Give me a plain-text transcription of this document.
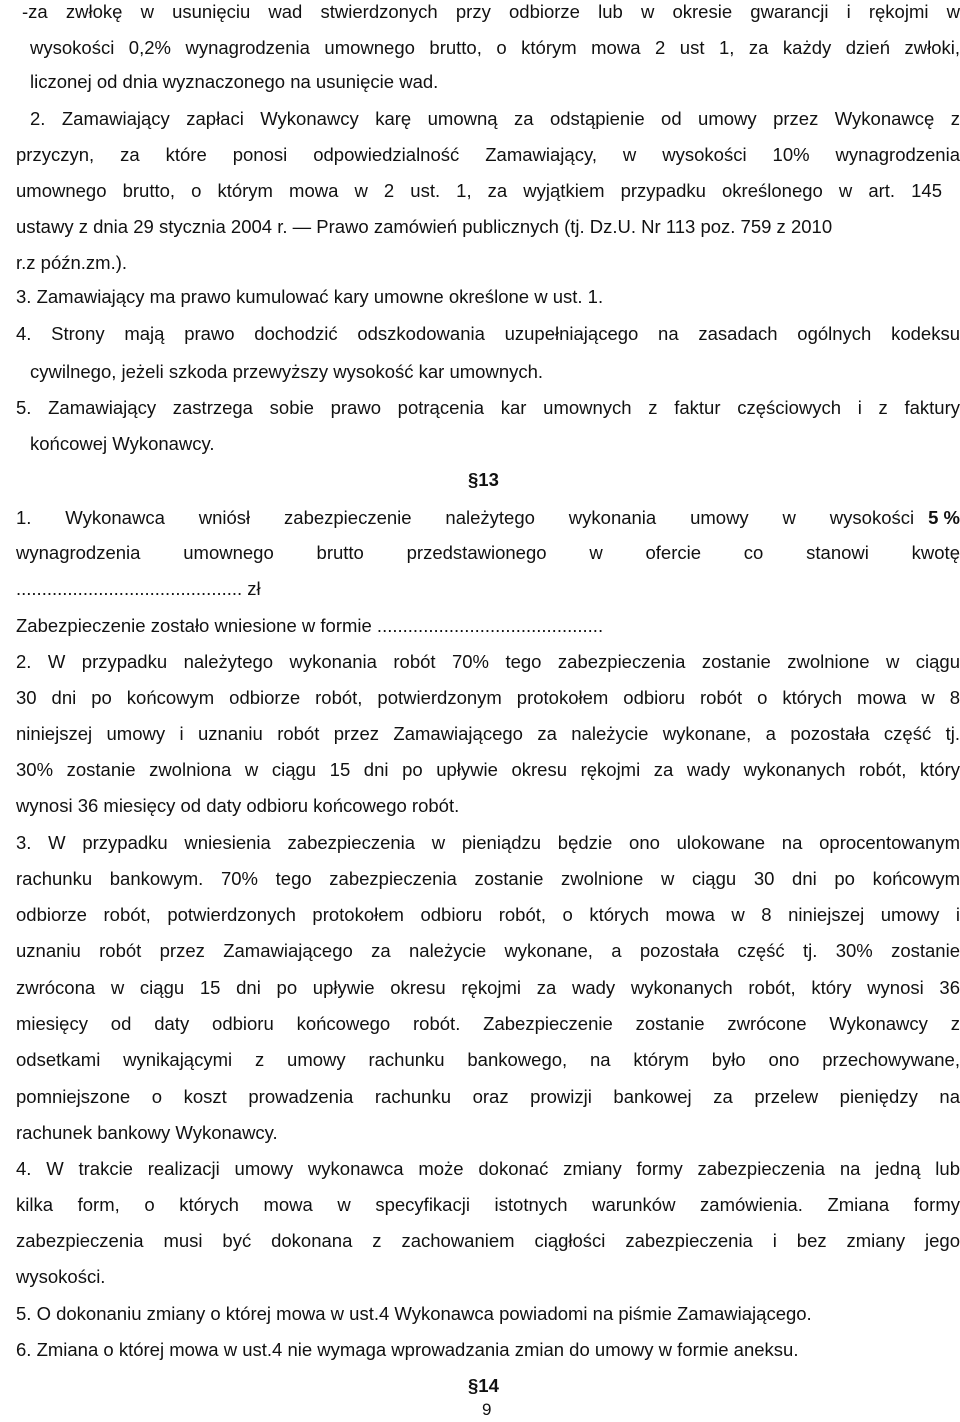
-za zwłokę w usunięciu wad stwierdzonych przy odbiorze lub w okresie gwarancji i rękojmi w
wysokości 0,2% wynagrodzenia umownego brutto, o którym mowa 2 ust 1, za każdy dzień zwłoki,
liczonej od dnia wyznaczonego na usunięcie wad.
2. Zamawiający zapłaci Wykonawcy karę umowną za odstąpienie od umowy przez Wykonawcę z
przyczyn, za które ponosi odpowiedzialność Zamawiający, w wysokości 10% wynagrodzenia
umownego brutto, o którym mowa w 2 ust. 1, za wyjątkiem przypadku określonego w art. 145
ustawy z dnia 29 stycznia 2004 r. — Prawo zamówień publicznych (tj. Dz.U. Nr 113 poz. 759 z 2010
r.z późn.zm.).
3. Zamawiający ma prawo kumulować kary umowne określone w ust. 1.
4. Strony mają prawo dochodzić odszkodowania uzupełniającego na zasadach ogólnych kodeksu
cywilnego, jeżeli szkoda przewyższy wysokość kar umownych.
5. Zamawiający zastrzega sobie prawo potrącenia kar umownych z faktur częściowych i z faktury
końcowej Wykonawcy.
§13
1. Wykonawca wniósł zabezpieczenie należytego wykonania umowy w wysokości 5 %
wynagrodzenia umownego brutto przedstawionego w ofercie co stanowi kwotę
............................................ zł
Zabezpieczenie zostało wniesione w formie ............................................
2. W przypadku należytego wykonania robót 70% tego zabezpieczenia zostanie zwolnione w ciągu
30 dni po końcowym odbiorze robót, potwierdzonym protokołem odbioru robót o których mowa w 8
niniejszej umowy i uznaniu robót przez Zamawiającego za należycie wykonane, a pozostała część tj.
30% zostanie zwolniona w ciągu 15 dni po upływie okresu rękojmi za wady wykonanych robót, który
wynosi 36 miesięcy od daty odbioru końcowego robót.
3. W przypadku wniesienia zabezpieczenia w pieniądzu będzie ono ulokowane na oprocentowanym
rachunku bankowym. 70% tego zabezpieczenia zostanie zwolnione w ciągu 30 dni po końcowym
odbiorze robót, potwierdzonych protokołem odbioru robót, o których mowa w 8 niniejszej umowy i
uznaniu robót przez Zamawiającego za należycie wykonane, a pozostała część tj. 30% zostanie
zwrócona w ciągu 15 dni po upływie okresu rękojmi za wady wykonanych robót, który wynosi 36
miesięcy od daty odbioru końcowego robót. Zabezpieczenie zostanie zwrócone Wykonawcy z
odsetkami wynikającymi z umowy rachunku bankowego, na którym było ono przechowywane,
pomniejszone o koszt prowadzenia rachunku oraz prowizji bankowej za przelew pieniędzy na
rachunek bankowy Wykonawcy.
4. W trakcie realizacji umowy wykonawca może dokonać zmiany formy zabezpieczenia na jedną lub
kilka form, o których mowa w specyfikacji istotnych warunków zamówienia. Zmiana formy
zabezpieczenia musi być dokonana z zachowaniem ciągłości zabezpieczenia i bez zmiany jego
wysokości.
5. O dokonaniu zmiany o której mowa w ust.4 Wykonawca powiadomi na piśmie Zamawiającego.
6. Zmiana o której mowa w ust.4 nie wymaga wprowadzania zmian do umowy w formie aneksu.
§14
9
